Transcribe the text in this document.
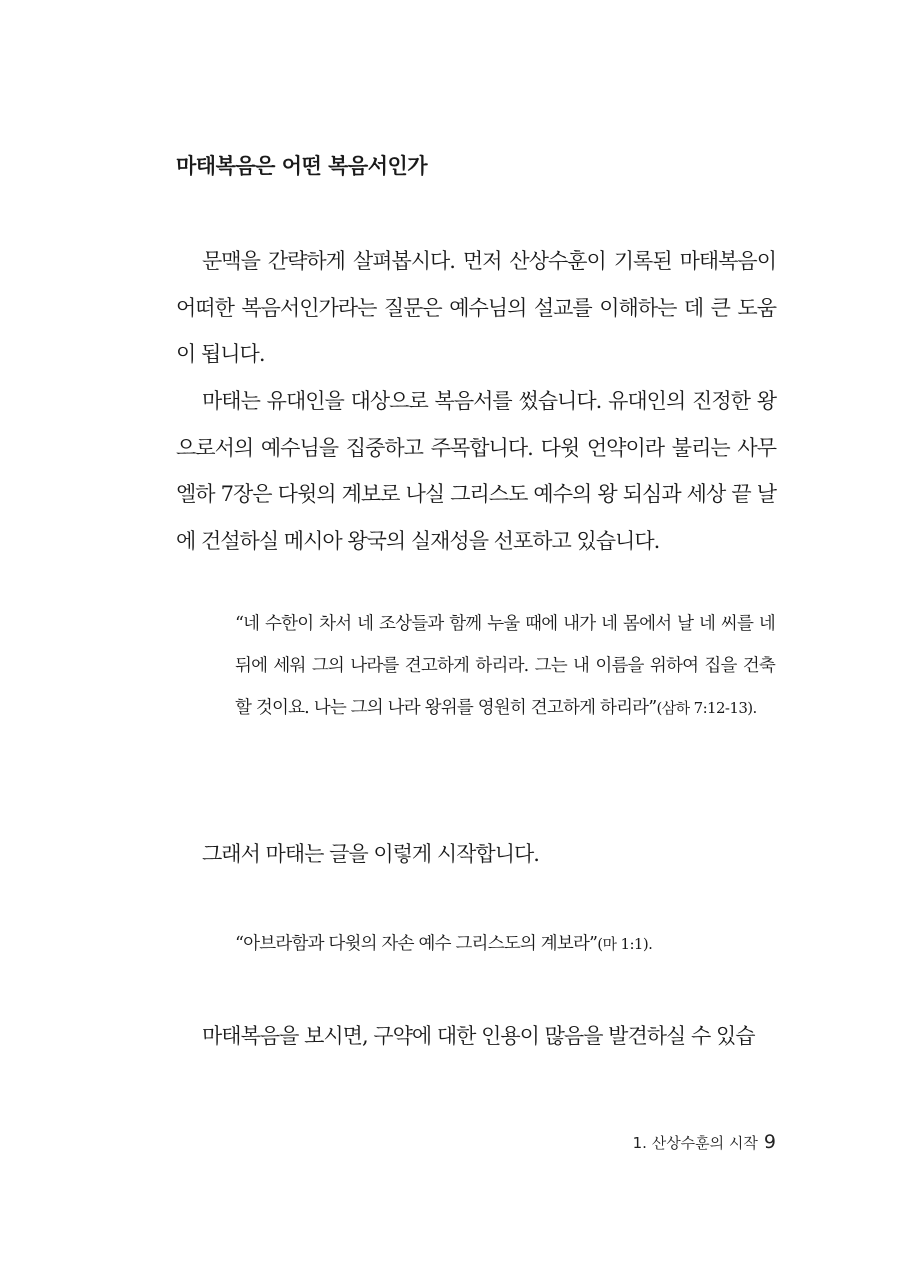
마태복음은 어떤 복음서인가

문맥을 간략하게 살펴봅시다. 먼저 산상수훈이 기록된 마태복음이 어떠한 복음서인가라는 질문은 예수님의 설교를 이해하는 데 큰 도움이 됩니다.

마태는 유대인을 대상으로 복음서를 썼습니다. 유대인의 진정한 왕으로서의 예수님을 집중하고 주목합니다. 다윗 언약이라 불리는 사무엘하 7장은 다윗의 계보로 나실 그리스도 예수의 왕 되심과 세상 끝 날에 건설하실 메시아 왕국의 실재성을 선포하고 있습니다.

“네 수한이 차서 네 조상들과 함께 누울 때에 내가 네 몸에서 날 네 씨를 네 뒤에 세워 그의 나라를 견고하게 하리라. 그는 내 이름을 위하여 집을 건축할 것이요. 나는 그의 나라 왕위를 영원히 견고하게 하리라”(삼하 7:12-13).

그래서 마태는 글을 이렇게 시작합니다.

“아브라함과 다윗의 자손 예수 그리스도의 계보라”(마 1:1).

마태복음을 보시면, 구약에 대한 인용이 많음을 발견하실 수 있습

1. 산상수훈의 시작 9
